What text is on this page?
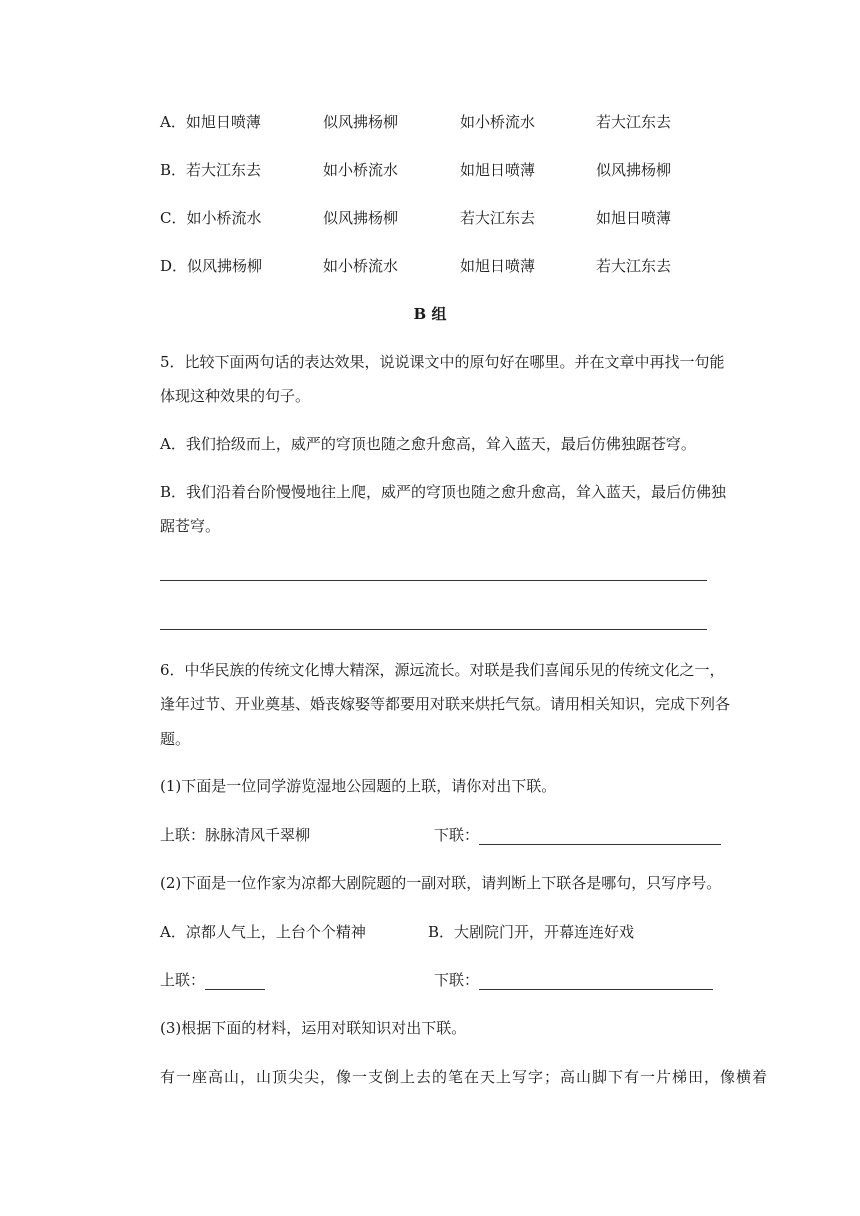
A．如旭日喷薄	似风拂杨柳	如小桥流水	若大江东去
B．若大江东去	如小桥流水	如旭日喷薄	似风拂杨柳
C．如小桥流水	似风拂杨柳	若大江东去	如旭日喷薄
D．似风拂杨柳	如小桥流水	如旭日喷薄	若大江东去
B 组
5．比较下面两句话的表达效果，说说课文中的原句好在哪里。并在文章中再找一句能
体现这种效果的句子。
A．我们拾级而上，威严的穹顶也随之愈升愈高，耸入蓝天，最后仿佛独踞苍穹。
B．我们沿着台阶慢慢地往上爬，威严的穹顶也随之愈升愈高，耸入蓝天，最后仿佛独
踞苍穹。
6．中华民族的传统文化博大精深，源远流长。对联是我们喜闻乐见的传统文化之一，
逢年过节、开业奠基、婚丧嫁娶等都要用对联来烘托气氛。请用相关知识，完成下列各
题。
(1)下面是一位同学游览湿地公园题的上联，请你对出下联。
上联：脉脉清风千翠柳	下联：
(2)下面是一位作家为凉都大剧院题的一副对联，请判断上下联各是哪句，只写序号。
A．凉都人气上，上台个个精神	B．大剧院门开，开幕连连好戏
上联：	下联：
(3)根据下面的材料，运用对联知识对出下联。
有一座高山，山顶尖尖，像一支倒上去的笔在天上写字；高山脚下有一片梯田，像横着
